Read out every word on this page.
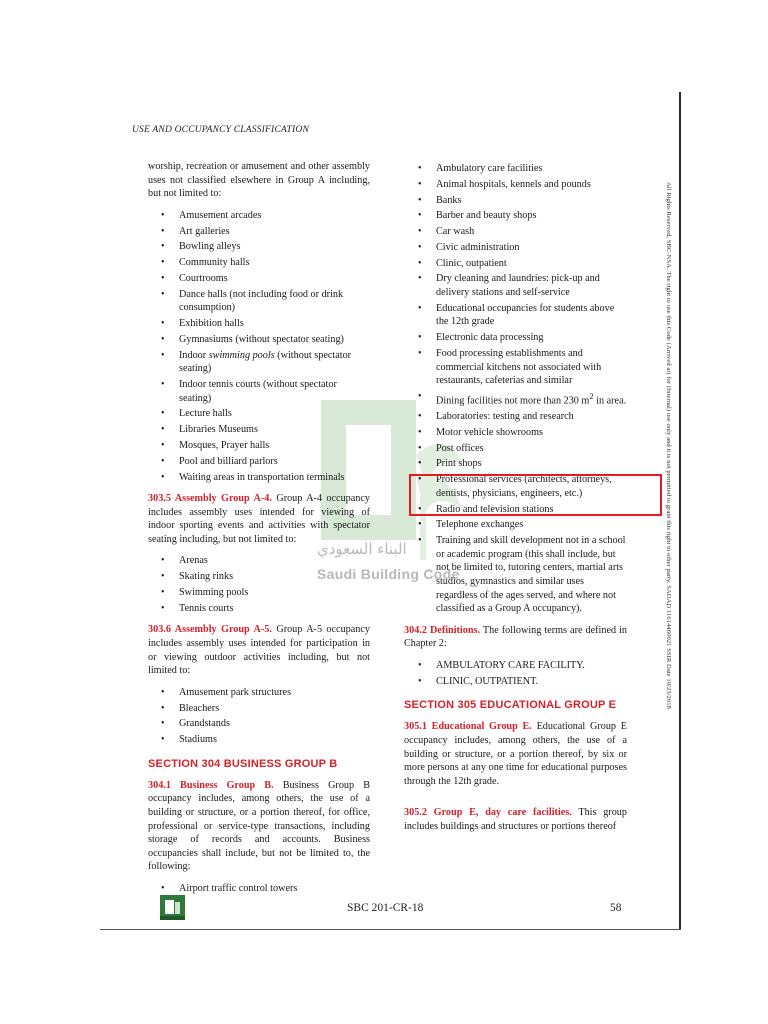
USE AND OCCUPANCY CLASSIFICATION
All Rights Reserved, SBC-NSA. The right to use this Code (Arrived at) for (Internal) use only and it is not permitted to grant this right to other party. SADAD 11614460021 SSIR Date 10/23/2018
البناء السعودي
Saudi Building Code

worship, recreation or amusement and other assembly uses not classified elsewhere in Group A including, but not limited to:

• Amusement arcades
• Art galleries
• Bowling alleys
• Community halls
• Courtrooms
• Dance halls (not including food or drink consumption)
• Exhibition halls
• Gymnasiums (without spectator seating)
• Indoor swimming pools (without spectator seating)
• Indoor tennis courts (without spectator seating)
• Lecture halls
• Libraries Museums
• Mosques, Prayer halls
• Pool and billiard parlors
• Waiting areas in transportation terminals

303.5 Assembly Group A-4. Group A-4 occupancy includes assembly uses intended for viewing of indoor sporting events and activities with spectator seating including, but not limited to:

• Arenas
• Skating rinks
• Swimming pools
• Tennis courts

303.6 Assembly Group A-5. Group A-5 occupancy includes assembly uses intended for participation in or viewing outdoor activities including, but not limited to:

• Amusement park structures
• Bleachers
• Grandstands
• Stadiums
SECTION 304 BUSINESS GROUP B

304.1 Business Group B. Business Group B occupancy includes, among others, the use of a building or structure, or a portion thereof, for office, professional or service-type transactions, including storage of records and accounts. Business occupancies shall include, but not be limited to, the following:

• Airport traffic control towers
• Ambulatory care facilities
• Animal hospitals, kennels and pounds
• Banks
• Barber and beauty shops
• Car wash
• Civic administration
• Clinic, outpatient
• Dry cleaning and laundries: pick-up and delivery stations and self-service
• Educational occupancies for students above the 12th grade
• Electronic data processing
• Food processing establishments and commercial kitchens not associated with restaurants, cafeterias and similar
• Dining facilities not more than 230 $m^2$ in area.
• Laboratories: testing and research
• Motor vehicle showrooms
• Post offices
• Print shops
• Professional services (architects, attorneys, dentists, physicians, engineers, etc.)
• Radio and television stations
• Telephone exchanges
• Training and skill development not in a school or academic program (this shall include, but not be limited to, tutoring centers, martial arts studios, gymnastics and similar uses regardless of the ages served, and where not classified as a Group A occupancy).

304.2 Definitions. The following terms are defined in Chapter 2:

• AMBULATORY CARE FACILITY.
• CLINIC, OUTPATIENT.
SECTION 305 EDUCATIONAL GROUP E

305.1 Educational Group E. Educational Group E occupancy includes, among others, the use of a building or structure, or a portion thereof, by six or more persons at any one time for educational purposes through the 12th grade.

305.2 Group E, day care facilities. This group includes buildings and structures or portions thereof

SBC 201-CR-18	58
